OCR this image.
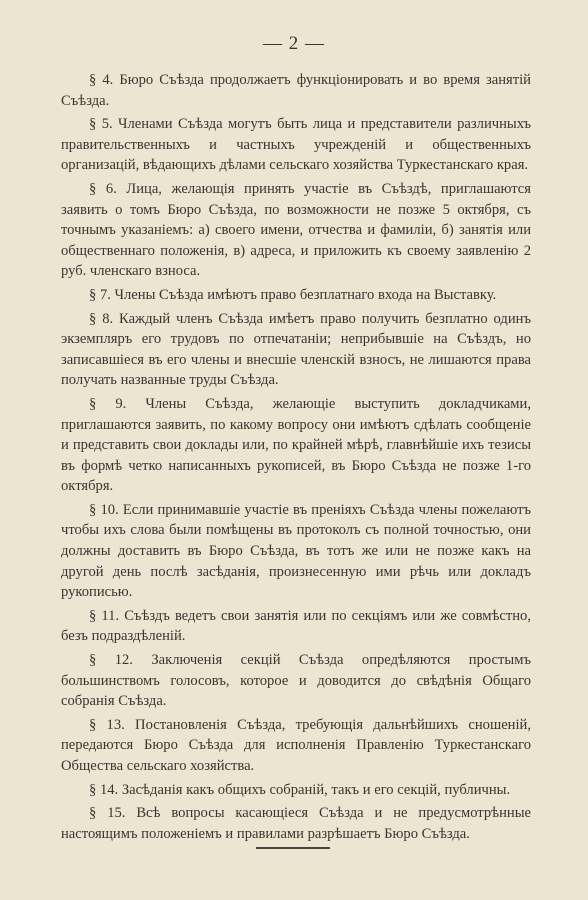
— 2 —

§ 4. Бюро Съѣзда продолжаетъ функціонировать и во время занятій Съѣзда.

§ 5. Членами Съѣзда могутъ быть лица и представители различныхъ правительственныхъ и частныхъ учрежденій и общественныхъ организацій, вѣдающихъ дѣлами сельскаго хозяйства Туркестанскаго края.

§ 6. Лица, желающія принять участіе въ Съѣздѣ, приглашаются заявить о томъ Бюро Съѣзда, по возможности не позже 5 октября, съ точнымъ указаніемъ: а) своего имени, отчества и фамиліи, б) занятія или общественнаго положенія, в) адреса, и приложить къ своему заявленію 2 руб. членскаго взноса.

§ 7. Члены Съѣзда имѣютъ право безплатнаго входа на Выставку.

§ 8. Каждый членъ Съѣзда имѣетъ право получить безплатно одинъ экземпляръ его трудовъ по отпечатаніи; неприбывшіе на Съѣздъ, но записавшіеся въ его члены и внесшіе членскій взносъ, не лишаются права получать названные труды Съѣзда.

§ 9. Члены Съѣзда, желающіе выступить докладчиками, приглашаются заявить, по какому вопросу они имѣютъ сдѣлать сообщеніе и представить свои доклады или, по крайней мѣрѣ, главнѣйшіе ихъ тезисы въ формѣ четко написанныхъ рукописей, въ Бюро Съѣзда не позже 1-го октября.

§ 10. Если принимавшіе участіе въ преніяхъ Съѣзда члены пожелаютъ чтобы ихъ слова были помѣщены въ протоколъ съ полной точностью, они должны доставить въ Бюро Съѣзда, въ тотъ же или не позже какъ на другой день послѣ засѣданія, произнесенную ими рѣчь или докладъ рукописью.

§ 11. Съѣздъ ведетъ свои занятія или по секціямъ или же совмѣстно, безъ подраздѣленій.

§ 12. Заключенія секцій Съѣзда опредѣляются простымъ большинствомъ голосовъ, которое и доводится до свѣдѣнія Общаго собранія Съѣзда.

§ 13. Постановленія Съѣзда, требующія дальнѣйшихъ сношеній, передаются Бюро Съѣзда для исполненія Правленію Туркестанскаго Общества сельскаго хозяйства.

§ 14. Засѣданія какъ общихъ собраній, такъ и его секцій, публичны.

§ 15. Всѣ вопросы касающіеся Съѣзда и не предусмотрѣнные настоящимъ положеніемъ и правилами разрѣшаетъ Бюро Съѣзда.
